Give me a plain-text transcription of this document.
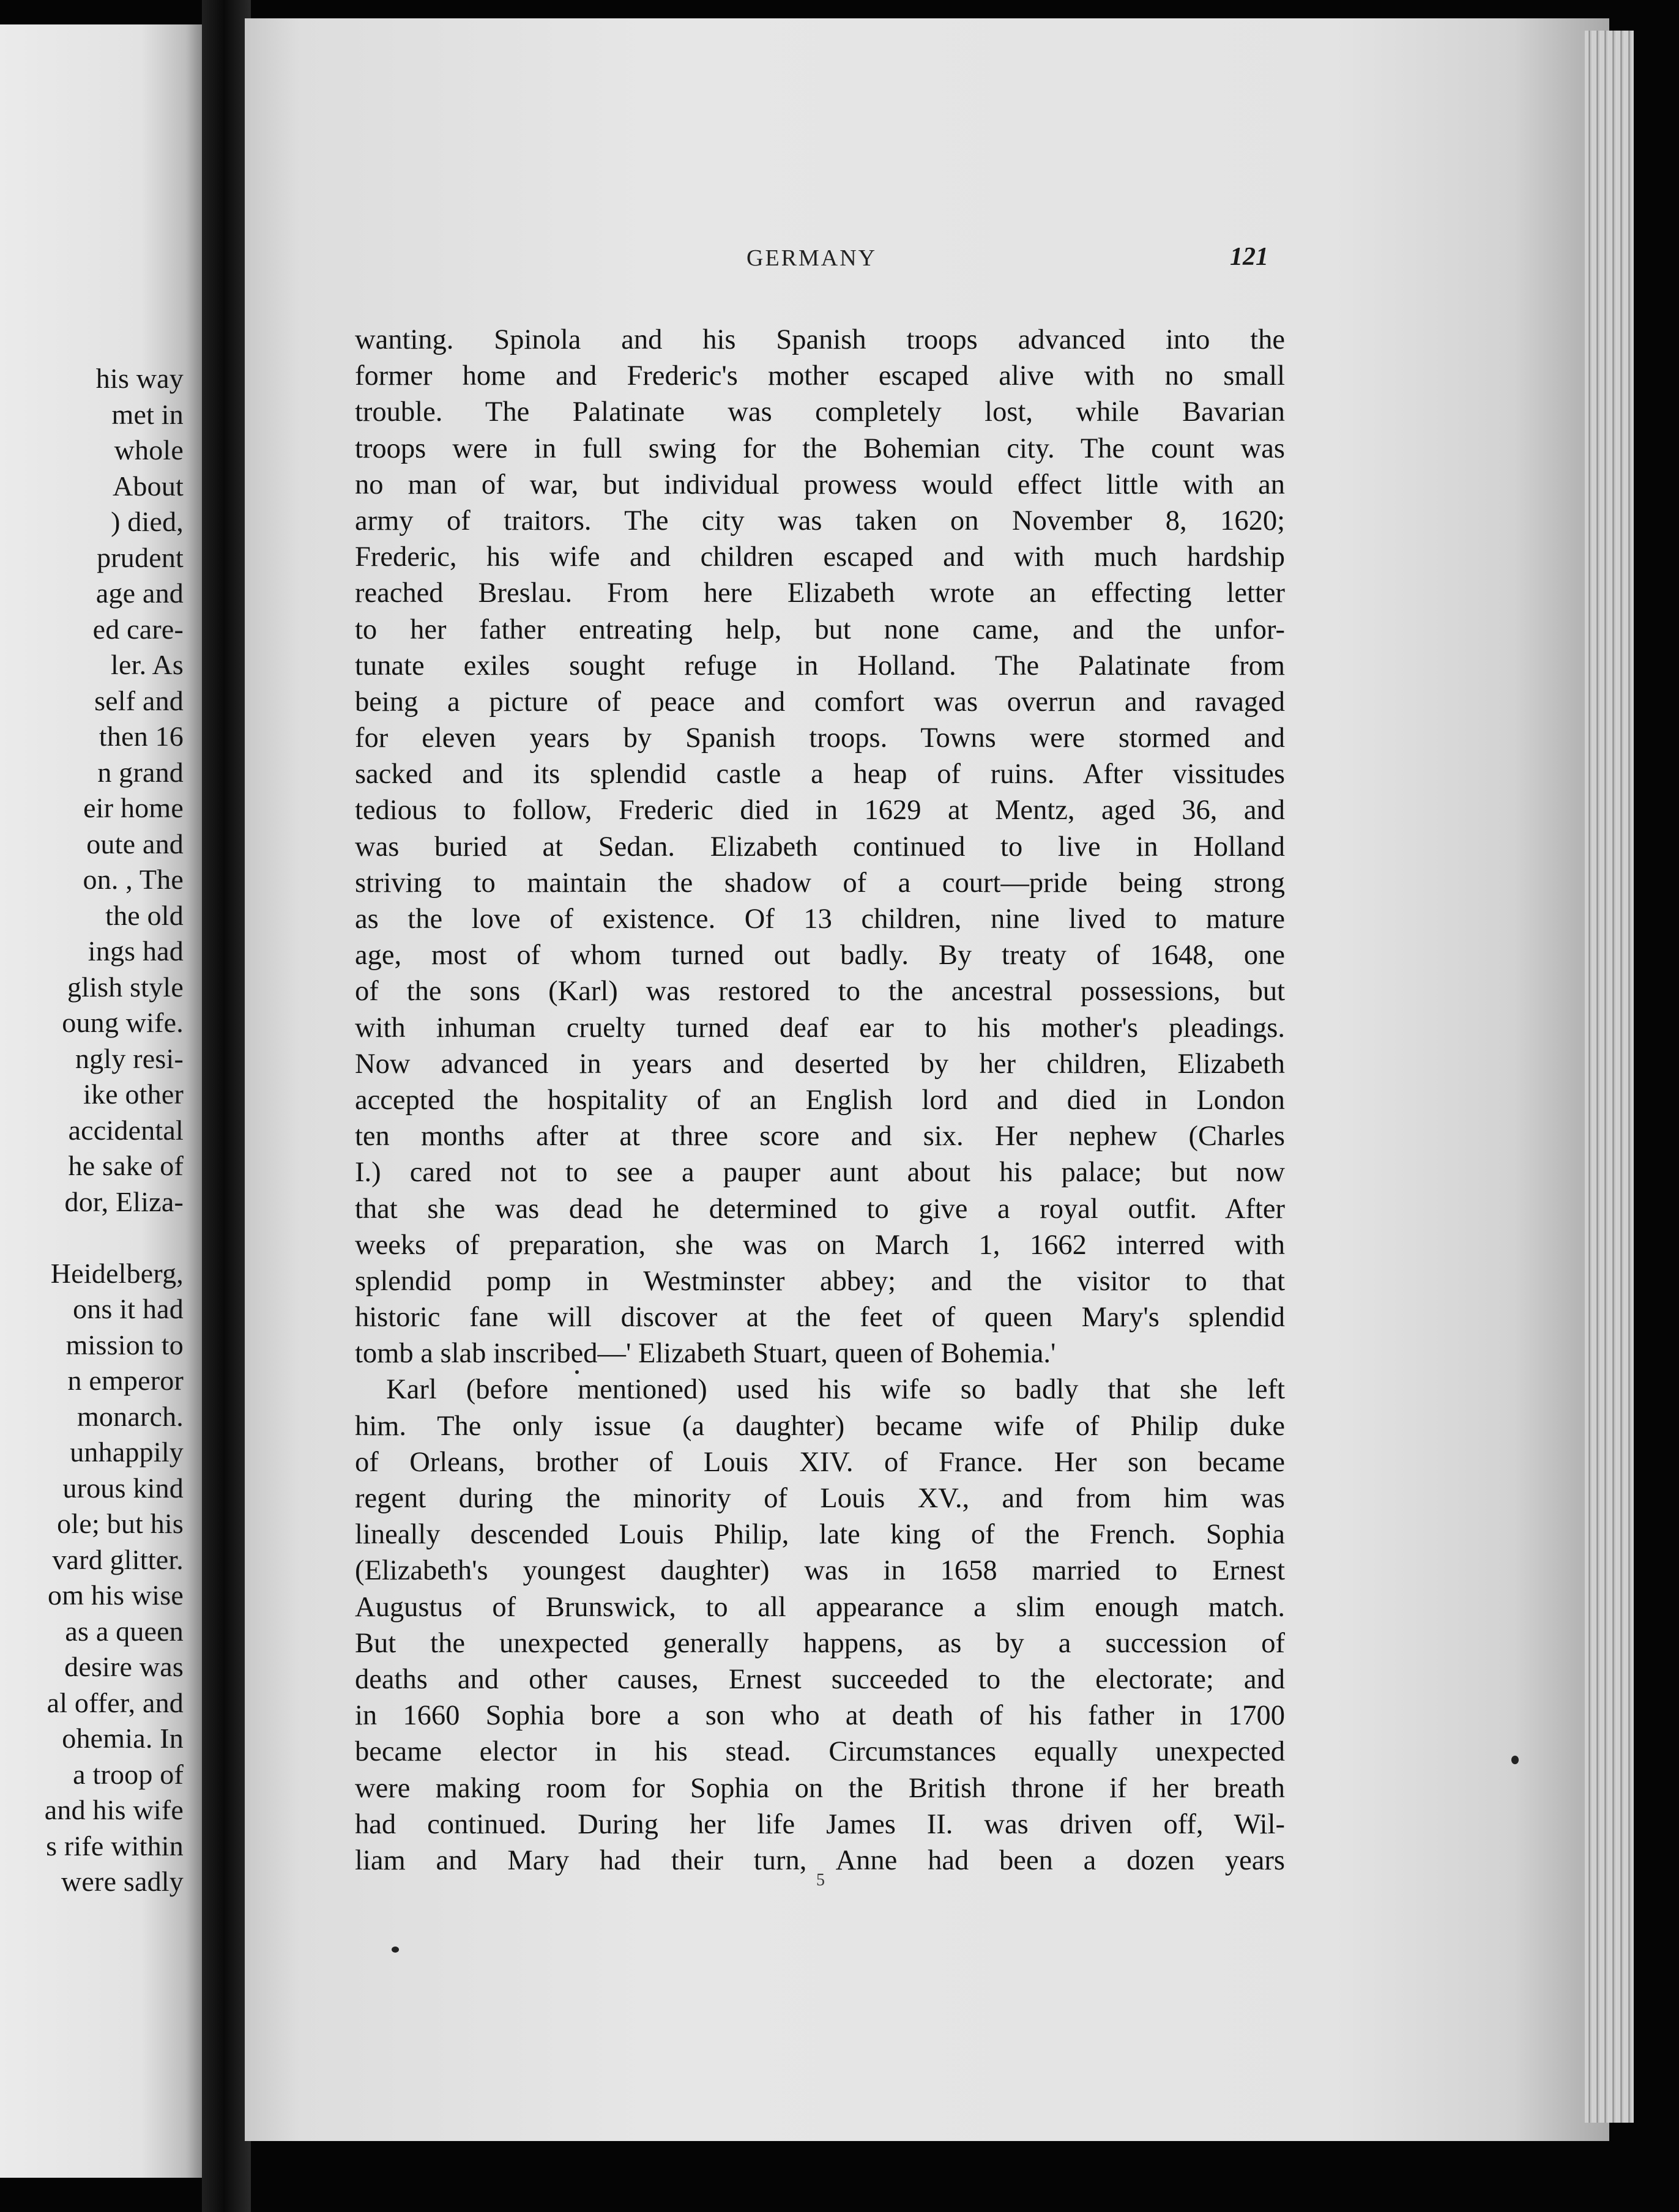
his way
met in
whole
About
) died,
prudent
age and
ed care-
ler. As
self and
then 16
n grand
eir home
oute and
on. , The
the old
ings had
glish style
oung wife.
ngly resi-
ike other
accidental
he sake of
dor, Eliza-

Heidelberg,
ons it had
mission to
n emperor
monarch.
unhappily
urous kind
ole; but his
vard glitter.
om his wise
as a queen
desire was
al offer, and
ohemia. In
a troop of
and his wife
s rife within
were sadly
GERMANY	121
wanting. Spinola and his Spanish troops advanced into the
former home and Frederic's mother escaped alive with no small
trouble. The Palatinate was completely lost, while Bavarian
troops were in full swing for the Bohemian city. The count was
no man of war, but individual prowess would effect little with an
army of traitors. The city was taken on November 8, 1620;
Frederic, his wife and children escaped and with much hardship
reached Breslau. From here Elizabeth wrote an effecting letter
to her father entreating help, but none came, and the unfor-
tunate exiles sought refuge in Holland. The Palatinate from
being a picture of peace and comfort was overrun and ravaged
for eleven years by Spanish troops. Towns were stormed and
sacked and its splendid castle a heap of ruins. After vissitudes
tedious to follow, Frederic died in 1629 at Mentz, aged 36, and
was buried at Sedan. Elizabeth continued to live in Holland
striving to maintain the shadow of a court—pride being strong
as the love of existence. Of 13 children, nine lived to mature
age, most of whom turned out badly. By treaty of 1648, one
of the sons (Karl) was restored to the ancestral possessions, but
with inhuman cruelty turned deaf ear to his mother's pleadings.
Now advanced in years and deserted by her children, Elizabeth
accepted the hospitality of an English lord and died in London
ten months after at three score and six. Her nephew (Charles
I.) cared not to see a pauper aunt about his palace; but now
that she was dead he determined to give a royal outfit. After
weeks of preparation, she was on March 1, 1662 interred with
splendid pomp in Westminster abbey; and the visitor to that
historic fane will discover at the feet of queen Mary's splendid
tomb a slab inscribed—' Elizabeth Stuart, queen of Bohemia.'
Karl (before mentioned) used his wife so badly that she left
him. The only issue (a daughter) became wife of Philip duke
of Orleans, brother of Louis XIV. of France. Her son became
regent during the minority of Louis XV., and from him was
lineally descended Louis Philip, late king of the French. Sophia
(Elizabeth's youngest daughter) was in 1658 married to Ernest
Augustus of Brunswick, to all appearance a slim enough match.
But the unexpected generally happens, as by a succession of
deaths and other causes, Ernest succeeded to the electorate; and
in 1660 Sophia bore a son who at death of his father in 1700
became elector in his stead. Circumstances equally unexpected
were making room for Sophia on the British throne if her breath
had continued. During her life James II. was driven off, Wil-
liam and Mary had their turn, Anne had been a dozen years
5
